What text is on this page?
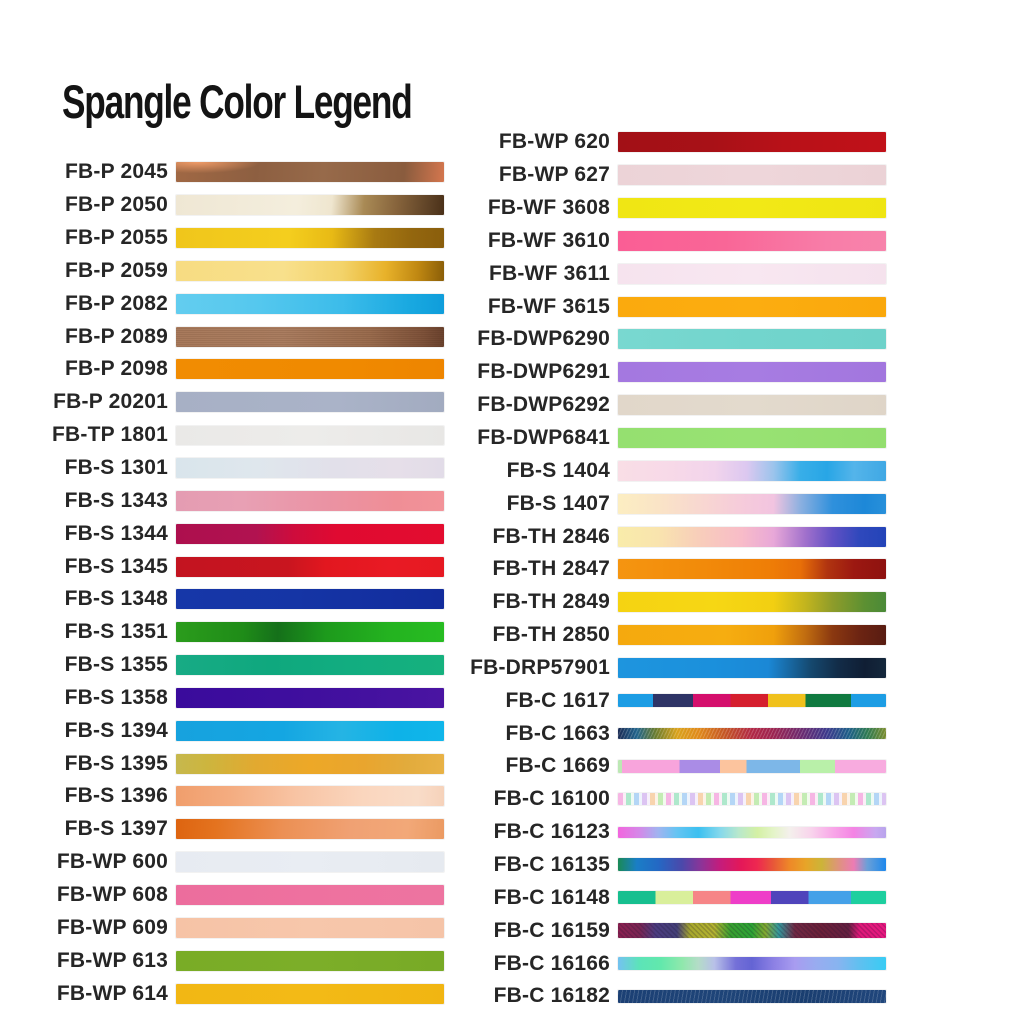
Spangle Color Legend
FB-P 2045
FB-P 2050
FB-P 2055
FB-P 2059
FB-P 2082
FB-P 2089
FB-P 2098
FB-P 20201
FB-TP 1801
FB-S 1301
FB-S 1343
FB-S 1344
FB-S 1345
FB-S 1348
FB-S 1351
FB-S 1355
FB-S 1358
FB-S 1394
FB-S 1395
FB-S 1396
FB-S 1397
FB-WP 600
FB-WP 608
FB-WP 609
FB-WP 613
FB-WP 614
FB-WP 620
FB-WP 627
FB-WF 3608
FB-WF 3610
FB-WF 3611
FB-WF 3615
FB-DWP6290
FB-DWP6291
FB-DWP6292
FB-DWP6841
FB-S 1404
FB-S 1407
FB-TH 2846
FB-TH 2847
FB-TH 2849
FB-TH 2850
FB-DRP57901
FB-C 1617
FB-C 1663
FB-C 1669
FB-C 16100
FB-C 16123
FB-C 16135
FB-C 16148
FB-C 16159
FB-C 16166
FB-C 16182
